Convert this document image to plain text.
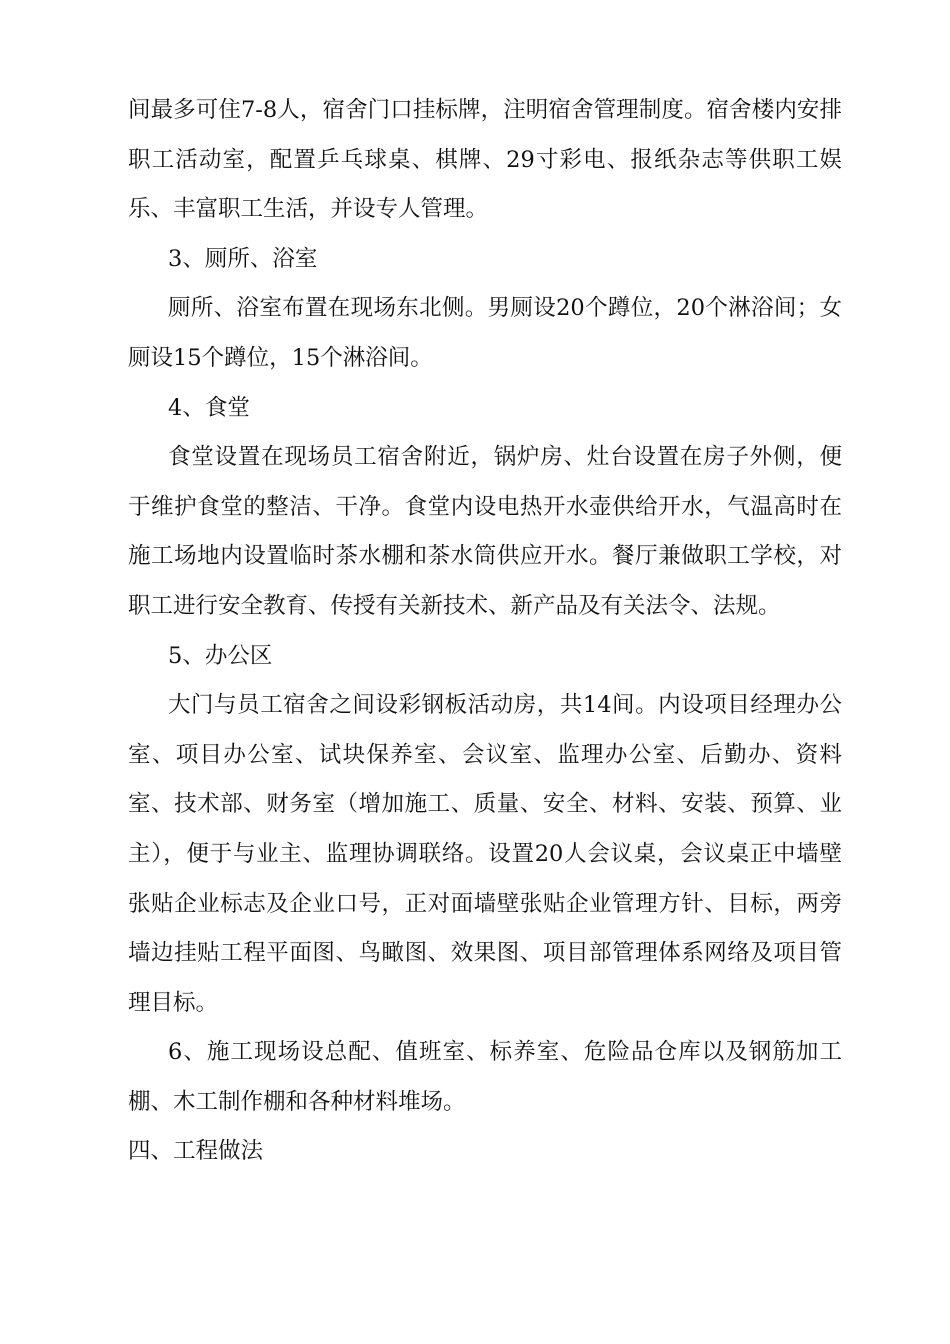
间最多可住7-8人，宿舍门口挂标牌，注明宿舍管理制度。宿舍楼内安排职工活动室，配置乒乓球桌、棋牌、29寸彩电、报纸杂志等供职工娱乐、丰富职工生活，并设专人管理。

3、厕所、浴室

厕所、浴室布置在现场东北侧。男厕设20个蹲位，20个淋浴间；女厕设15个蹲位，15个淋浴间。

4、食堂

食堂设置在现场员工宿舍附近，锅炉房、灶台设置在房子外侧，便于维护食堂的整洁、干净。食堂内设电热开水壶供给开水，气温高时在施工场地内设置临时茶水棚和茶水筒供应开水。餐厅兼做职工学校，对职工进行安全教育、传授有关新技术、新产品及有关法令、法规。

5、办公区

大门与员工宿舍之间设彩钢板活动房，共14间。内设项目经理办公室、项目办公室、试块保养室、会议室、监理办公室、后勤办、资料室、技术部、财务室（增加施工、质量、安全、材料、安装、预算、业主），便于与业主、监理协调联络。设置20人会议桌，会议桌正中墙壁张贴企业标志及企业口号，正对面墙壁张贴企业管理方针、目标，两旁墙边挂贴工程平面图、鸟瞰图、效果图、项目部管理体系网络及项目管理目标。

6、施工现场设总配、值班室、标养室、危险品仓库以及钢筋加工棚、木工制作棚和各种材料堆场。

四、工程做法
